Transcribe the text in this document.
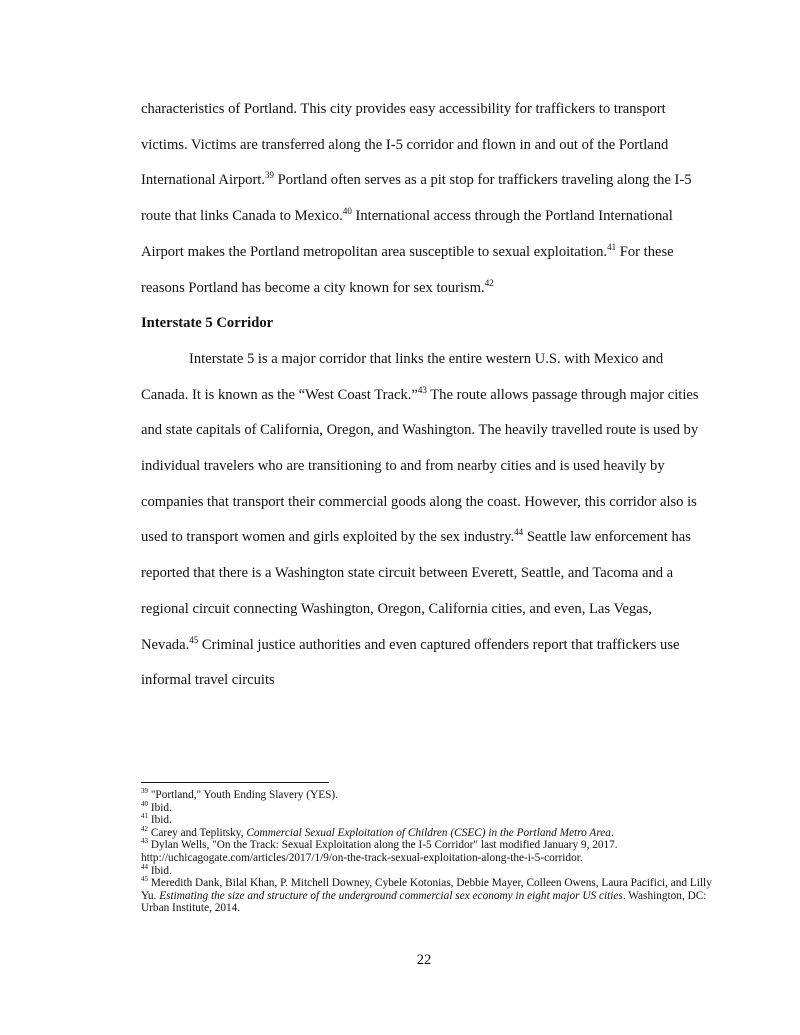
characteristics of Portland. This city provides easy accessibility for traffickers to transport victims. Victims are transferred along the I-5 corridor and flown in and out of the Portland International Airport.$^{39}$ Portland often serves as a pit stop for traffickers traveling along the I-5 route that links Canada to Mexico.$^{40}$ International access through the Portland International Airport makes the Portland metropolitan area susceptible to sexual exploitation.$^{41}$ For these reasons Portland has become a city known for sex tourism.$^{42}$

Interstate 5 Corridor

Interstate 5 is a major corridor that links the entire western U.S. with Mexico and Canada. It is known as the “West Coast Track.”$^{43}$ The route allows passage through major cities and state capitals of California, Oregon, and Washington. The heavily travelled route is used by individual travelers who are transitioning to and from nearby cities and is used heavily by companies that transport their commercial goods along the coast. However, this corridor also is used to transport women and girls exploited by the sex industry.$^{44}$ Seattle law enforcement has reported that there is a Washington state circuit between Everett, Seattle, and Tacoma and a regional circuit connecting Washington, Oregon, California cities, and even, Las Vegas, Nevada.$^{45}$ Criminal justice authorities and even captured offenders report that traffickers use informal travel circuits

$^{39}$ "Portland," Youth Ending Slavery (YES).

$^{40}$ Ibid.

$^{41}$ Ibid.

$^{42}$ Carey and Teplitsky, Commercial Sexual Exploitation of Children (CSEC) in the Portland Metro Area.

$^{43}$ Dylan Wells, "On the Track: Sexual Exploitation along the I-5 Corridor" last modified January 9, 2017. http://uchicagogate.com/articles/2017/1/9/on-the-track-sexual-exploitation-along-the-i-5-corridor.

$^{44}$ Ibid.

$^{45}$ Meredith Dank, Bilal Khan, P. Mitchell Downey, Cybele Kotonias, Debbie Mayer, Colleen Owens, Laura Pacifici, and Lilly Yu. Estimating the size and structure of the underground commercial sex economy in eight major US cities. Washington, DC: Urban Institute, 2014.

22
